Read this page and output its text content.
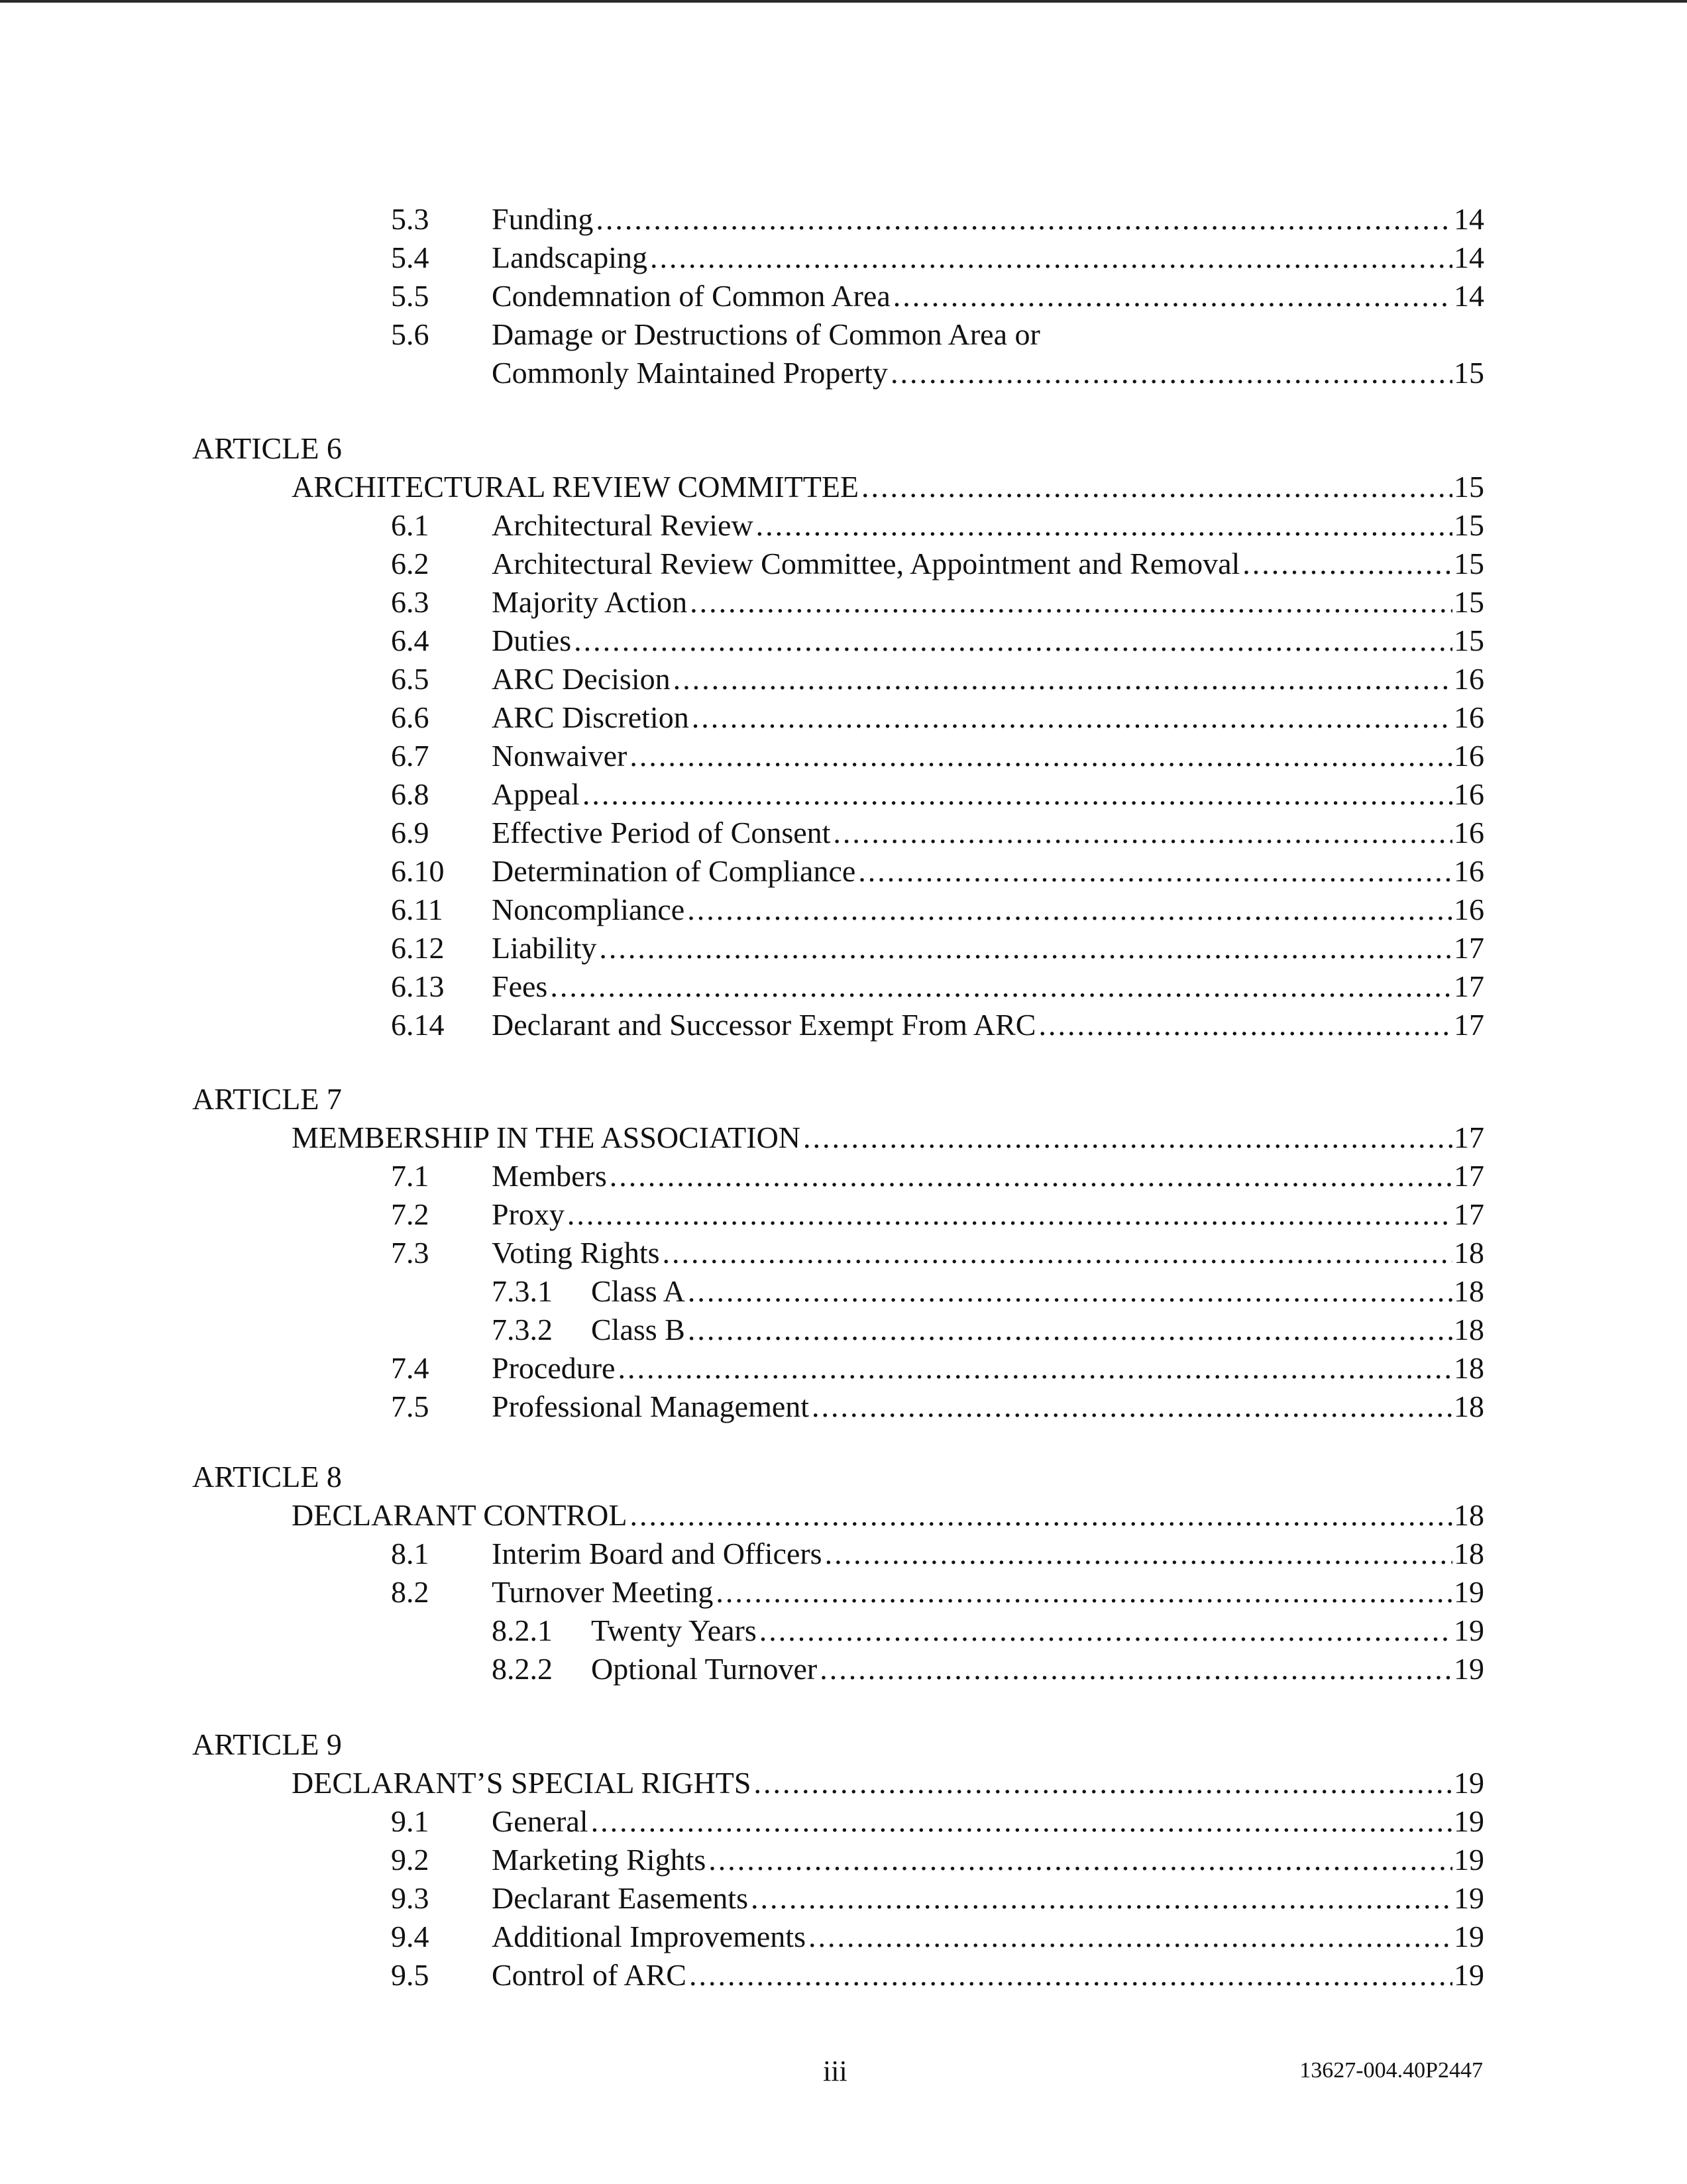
5.3 Funding .....	14
5.4 Landscaping .....	14
5.5 Condemnation of Common Area .....	14
5.6 Damage or Destructions of Common Area or
Commonly Maintained Property .....	15
ARTICLE 6
ARCHITECTURAL REVIEW COMMITTEE .....	15
6.1 Architectural Review .....	15
6.2 Architectural Review Committee, Appointment and Removal .....	15
6.3 Majority Action .....	15
6.4 Duties .....	15
6.5 ARC Decision .....	16
6.6 ARC Discretion .....	16
6.7 Nonwaiver .....	16
6.8 Appeal .....	16
6.9 Effective Period of Consent .....	16
6.10 Determination of Compliance .....	16
6.11 Noncompliance .....	16
6.12 Liability .....	17
6.13 Fees .....	17
6.14 Declarant and Successor Exempt From ARC .....	17
ARTICLE 7
MEMBERSHIP IN THE ASSOCIATION .....	17
7.1 Members .....	17
7.2 Proxy .....	17
7.3 Voting Rights .....	18
7.3.1 Class A .....	18
7.3.2 Class B .....	18
7.4 Procedure .....	18
7.5 Professional Management .....	18
ARTICLE 8
DECLARANT CONTROL .....	18
8.1 Interim Board and Officers .....	18
8.2 Turnover Meeting .....	19
8.2.1 Twenty Years .....	19
8.2.2 Optional Turnover .....	19
ARTICLE 9
DECLARANT’S SPECIAL RIGHTS .....	19
9.1 General .....	19
9.2 Marketing Rights .....	19
9.3 Declarant Easements .....	19
9.4 Additional Improvements .....	19
9.5 Control of ARC .....	19
iii	13627-004.40P2447
